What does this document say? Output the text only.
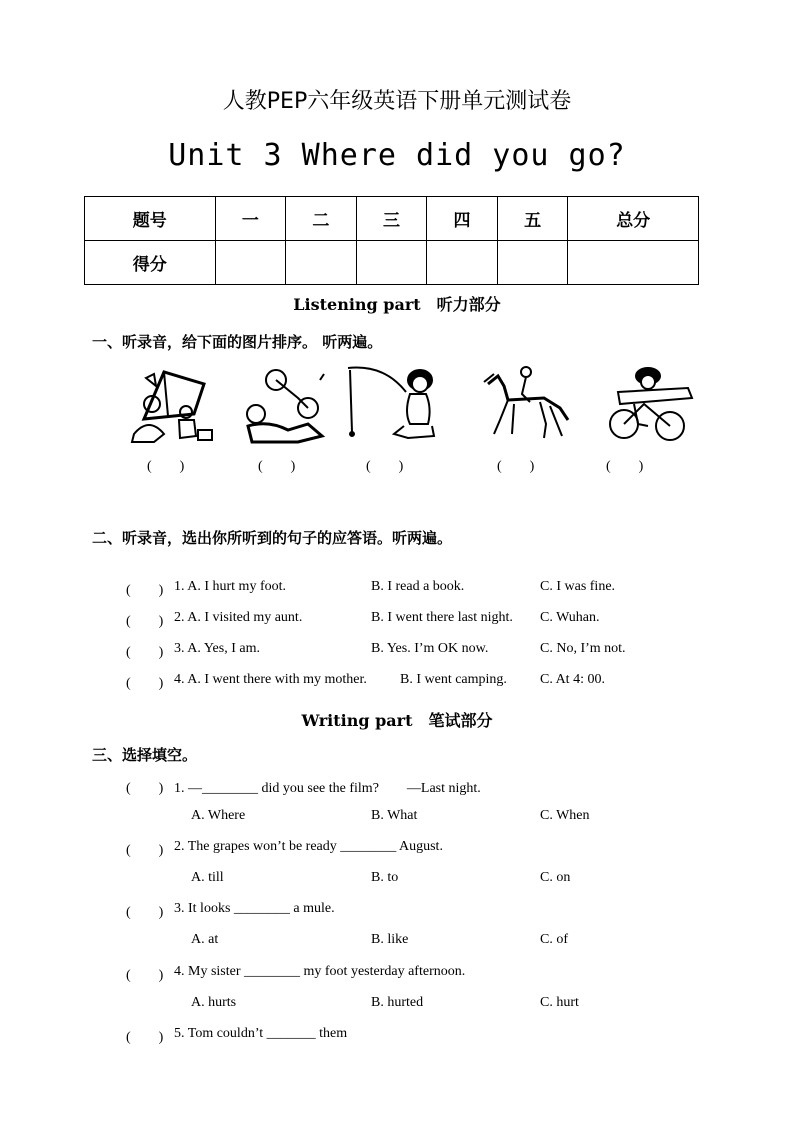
人教PEP六年级英语下册单元测试卷
Unit 3 Where did you go?
题号	一	二	三	四	五	总分
得分						
Listening part　听力部分
一、听录音，给下面的图片排序。 听两遍。
(　　)	(　　)	(　　)	(　　)	(　　)
二、听录音，选出你所听到的句子的应答语。听两遍。
(　　) 1. A. I hurt my foot.	B. I read a book.	C. I was fine.
(　　) 2. A. I visited my aunt.	B. I went there last night. C. Wuhan.
(　　) 3. A. Yes, I am.	B. Yes. I’m OK now.	C. No, I’m not.
(　　) 4. A. I went there with my mother. B. I went camping. C. At 4: 00.
Writing part　笔试部分
三、选择填空。
(　　) 1. —________ did you see the film?　　—Last night.
A. Where	B. What	C. When
(　　) 2. The grapes won’t be ready ________ August.
A. till	B. to	C. on
(　　) 3. It looks ________ a mule.
A. at	B. like	C. of
(　　) 4. My sister ________ my foot yesterday afternoon.
A. hurts	B. hurted	C. hurt
(　　) 5. Tom couldn’t _______ them
